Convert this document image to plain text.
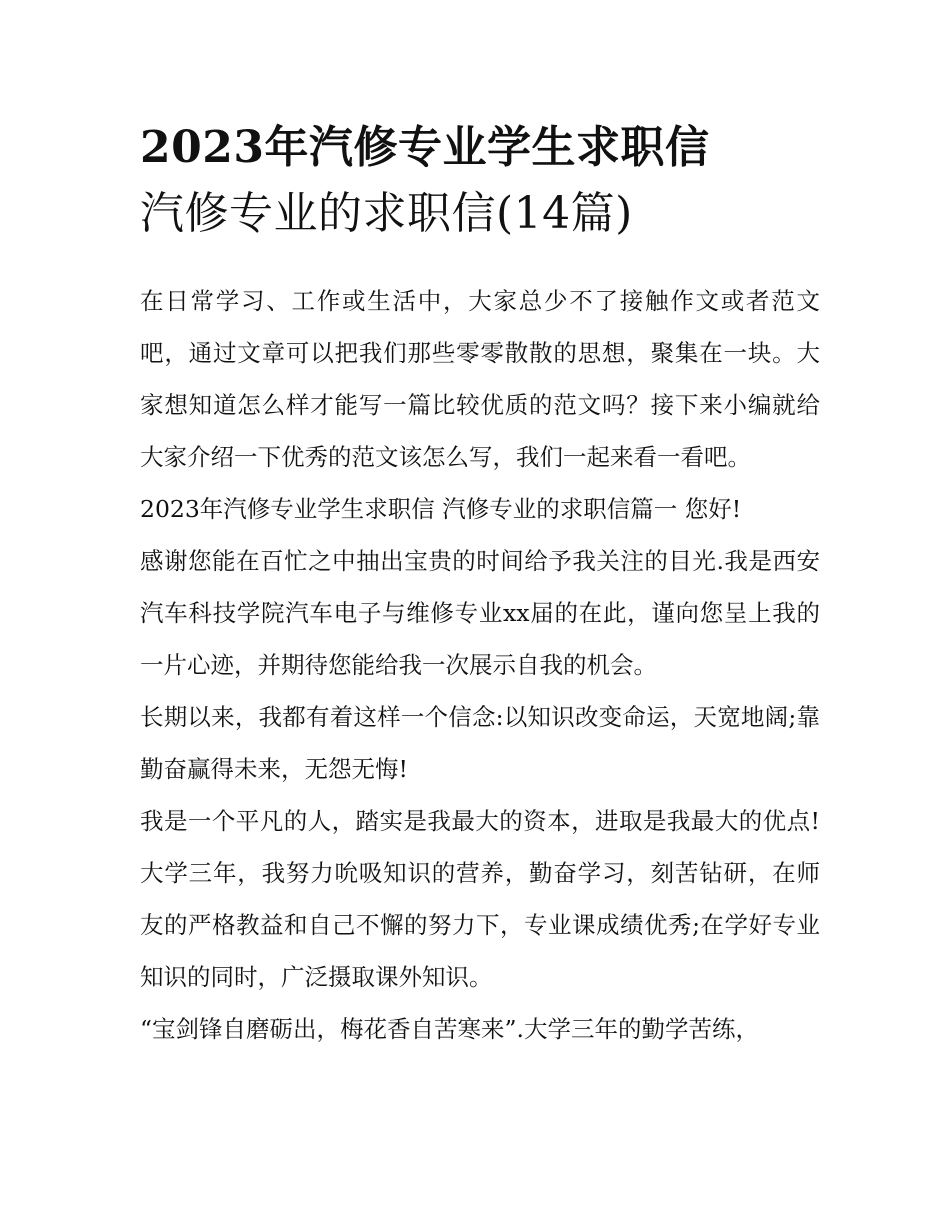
2023年汽修专业学生求职信
汽修专业的求职信(14篇)

在日常学习、工作或生活中，大家总少不了接触作文或者范文吧，通过文章可以把我们那些零零散散的思想，聚集在一块。大家想知道怎么样才能写一篇比较优质的范文吗？接下来小编就给大家介绍一下优秀的范文该怎么写，我们一起来看一看吧。

2023年汽修专业学生求职信 汽修专业的求职信篇一 您好!

感谢您能在百忙之中抽出宝贵的时间给予我关注的目光.我是西安汽车科技学院汽车电子与维修专业xx届的在此，谨向您呈上我的一片心迹，并期待您能给我一次展示自我的机会。

长期以来，我都有着这样一个信念:以知识改变命运，天宽地阔;靠勤奋赢得未来，无怨无悔!

我是一个平凡的人，踏实是我最大的资本，进取是我最大的优点!大学三年，我努力吮吸知识的营养，勤奋学习，刻苦钻研，在师友的严格教益和自己不懈的努力下，专业课成绩优秀;在学好专业知识的同时，广泛摄取课外知识。

“宝剑锋自磨砺出，梅花香自苦寒来”.大学三年的勤学苦练，
